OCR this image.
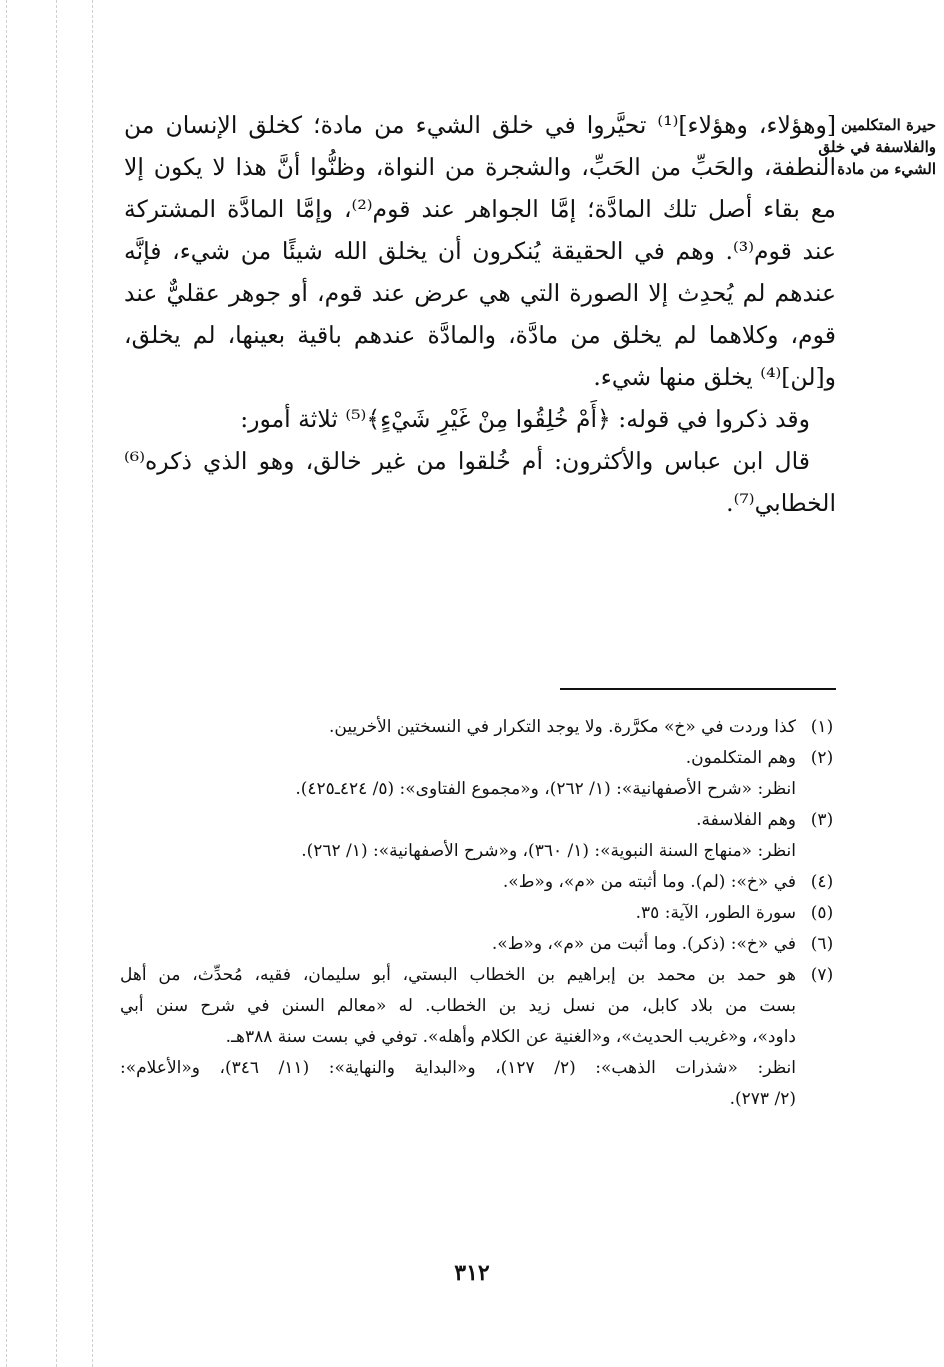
حيرة المتكلمين
والفلاسفة في خلق
الشيء من مادة
[وهؤلاء، وهؤلاء]⁽¹⁾ تحيَّروا في خلق الشيء من مادة؛ كخلق الإنسان من
النطفة، والحَبِّ من الحَبِّ، والشجرة من النواة، وظنُّوا أنَّ هذا لا يكون إلا
مع بقاء أصل تلك المادَّة؛ إمَّا الجواهر عند قوم⁽²⁾، وإمَّا المادَّة المشتركة
عند قوم⁽³⁾. وهم في الحقيقة يُنكرون أن يخلق الله شيئًا من شيء، فإنَّه
عندهم لم يُحدِث إلا الصورة التي هي عرض عند قوم، أو جوهر عقليٌّ عند
قوم، وكلاهما لم يخلق من مادَّة، والمادَّة عندهم باقية بعينها، لم يخلق،
و[لن]⁽⁴⁾ يخلق منها شيء.
وقد ذكروا في قوله: ﴿أَمْ خُلِقُوا مِنْ غَيْرِ شَيْءٍ﴾⁽⁵⁾ ثلاثة أمور:
قال ابن عباس والأكثرون: أم خُلقوا من غير خالق، وهو الذي ذكره⁽⁶⁾
الخطابي⁽⁷⁾.
(١)
كذا وردت في «خ» مكرَّرة. ولا يوجد التكرار في النسختين الأخريين.
(٢)
وهم المتكلمون.
انظر: «شرح الأصفهانية»: (١/ ٢٦٢)، و«مجموع الفتاوى»: (٥/ ٤٢٤ـ٤٢٥).
(٣)
وهم الفلاسفة.
انظر: «منهاج السنة النبوية»: (١/ ٣٦٠)، و«شرح الأصفهانية»: (١/ ٢٦٢).
(٤)
في «خ»: (لم). وما أثبته من «م»، و«ط».
(٥)
سورة الطور، الآية: ٣٥.
(٦)
في «خ»: (ذكر). وما أثبت من «م»، و«ط».
(٧)
هو حمد بن محمد بن إبراهيم بن الخطاب البستي، أبو سليمان، فقيه، مُحدِّث، من أهل
بست من بلاد كابل، من نسل زيد بن الخطاب. له «معالم السنن في شرح سنن أبي
داود»، و«غريب الحديث»، و«الغنية عن الكلام وأهله». توفي في بست سنة ٣٨٨هـ.
انظر: «شذرات الذهب»: (٢/ ١٢٧)، و«البداية والنهاية»: (١١/ ٣٤٦)، و«الأعلام»:
(٢/ ٢٧٣).
٣١٢
